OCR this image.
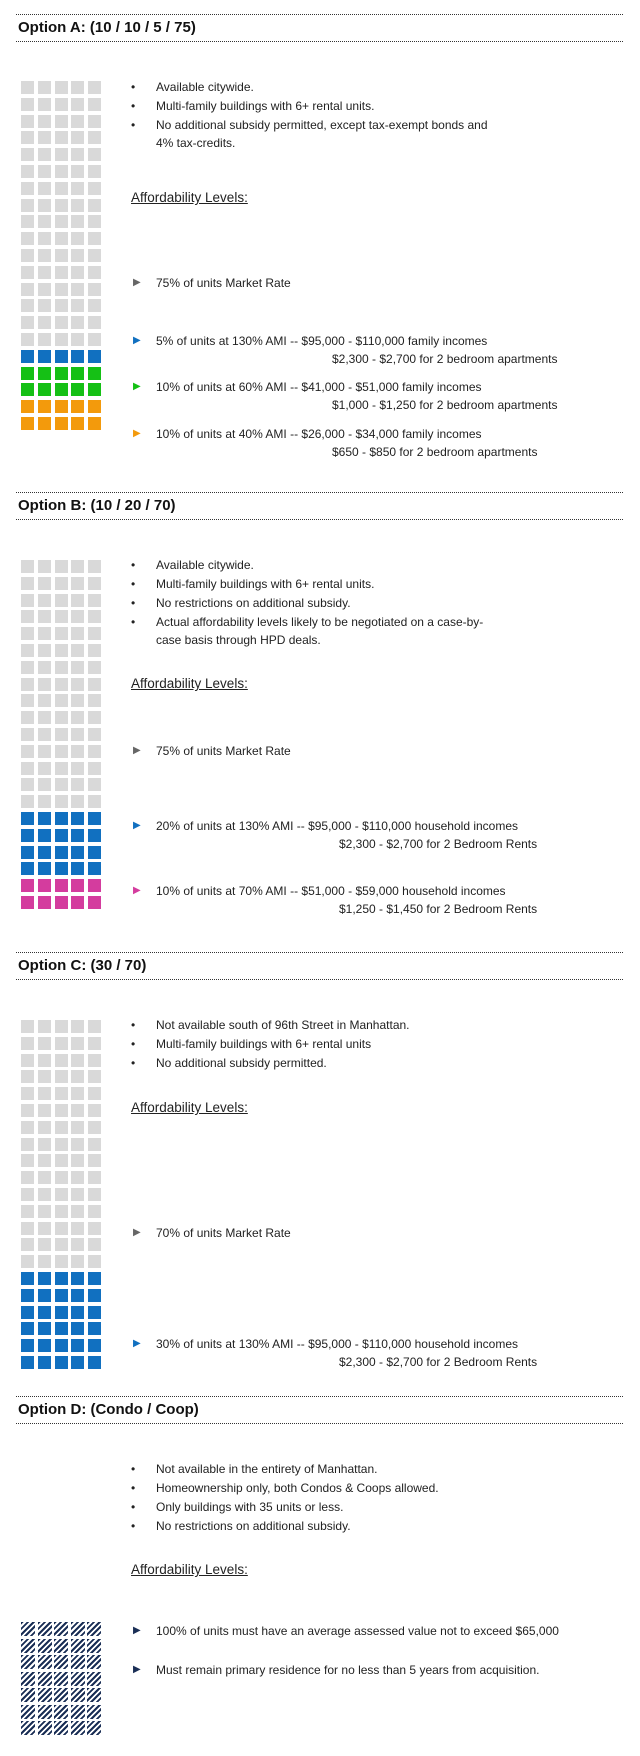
Option A: (10 / 10 / 5 / 75)
• Available citywide.
• Multi-family buildings with 6+ rental units.
• No additional subsidy permitted, except tax-exempt bonds and
4% tax-credits.
Affordability Levels:
▶ 75% of units Market Rate
▶ 5% of units at 130% AMI -- $95,000 - $110,000 family incomes
$2,300 - $2,700 for 2 bedroom apartments
▶ 10% of units at 60% AMI -- $41,000 - $51,000 family incomes
$1,000 - $1,250 for 2 bedroom apartments
▶ 10% of units at 40% AMI -- $26,000 - $34,000 family incomes
$650 - $850 for 2 bedroom apartments
Option B: (10 / 20 / 70)
• Available citywide.
• Multi-family buildings with 6+ rental units.
• No restrictions on additional subsidy.
• Actual affordability levels likely to be negotiated on a case-by-
case basis through HPD deals.
Affordability Levels:
▶ 75% of units Market Rate
▶ 20% of units at 130% AMI -- $95,000 - $110,000 household incomes
$2,300 - $2,700 for 2 Bedroom Rents
▶ 10% of units at 70% AMI -- $51,000 - $59,000 household incomes
$1,250 - $1,450 for 2 Bedroom Rents
Option C: (30 / 70)
• Not available south of 96th Street in Manhattan.
• Multi-family buildings with 6+ rental units
• No additional subsidy permitted.
Affordability Levels:
▶ 70% of units Market Rate
▶ 30% of units at 130% AMI -- $95,000 - $110,000 household incomes
$2,300 - $2,700 for 2 Bedroom Rents
Option D: (Condo / Coop)
• Not available in the entirety of Manhattan.
• Homeownership only, both Condos & Coops allowed.
• Only buildings with 35 units or less.
• No restrictions on additional subsidy.
Affordability Levels:
▶ 100% of units must have an average assessed value not to exceed $65,000
▶ Must remain primary residence for no less than 5 years from acquisition.
